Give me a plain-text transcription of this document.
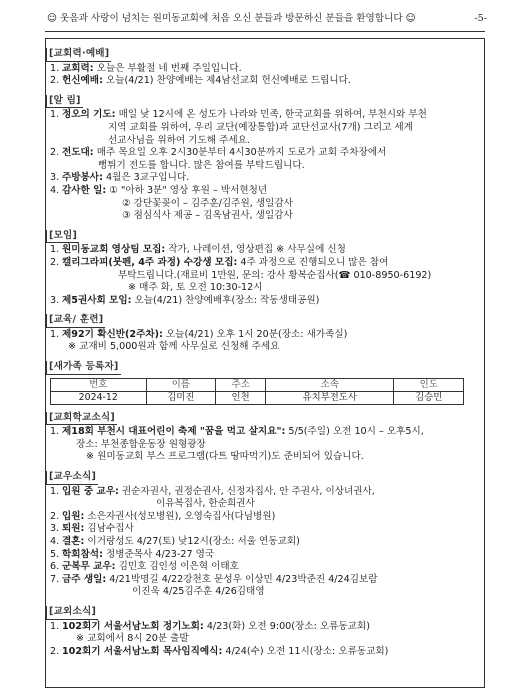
☺ 웃음과 사랑이 넘치는 원미동교회에 처음 오신 분들과 방문하신 분들을 환영합니다 ☺	-5-
[교회력·예배]
1. 교회력: 오늘은 부활절 네 번째 주일입니다.
2. 헌신예배: 오늘(4/21) 찬양예배는 제4남선교회 헌신예배로 드립니다.
[알 림]
1. 정오의 기도: 매일 낮 12시에 온 성도가 나라와 민족, 한국교회를 위하여, 부천시와 부천
지역 교회를 위하여, 우리 교단(예장통합)과 교단선교사(7개) 그리고 세계
선교사님을 위하여 기도해 주세요.
2. 전도대: 매주 목요일 오후 2시30분부터 4시30분까지 도로가 교회 주차장에서
뻥튀기 전도를 합니다. 많은 참여를 부탁드립니다.
3. 주방봉사: 4월은 3교구입니다.
4. 감사한 일: ① "아하 3분" 영상 후원 – 박서현청년
② 강단꽃꽂이 – 김주훈/김주원, 생일감사
③ 점심식사 제공 – 김옥남권사, 생일감사
[모임]
1. 원미동교회 영상팀 모집: 작가, 나레이션, 영상편집 ※ 사무실에 신청
2. 캘리그라피(붓펜, 4주 과정) 수강생 모집: 4주 과정으로 진행되오니 많은 참여
부탁드립니다.(재료비 1만원, 문의: 강사 황복순집사(☎ 010-8950-6192)
※ 매주 화, 토 오전 10:30-12시
3. 제5권사회 모임: 오늘(4/21) 찬양예배후(장소: 작동생태공원)
[교육/ 훈련]
1. 제92기 확신반(2주차): 오늘(4/21) 오후 1시 20분(장소: 새가족실)
※ 교재비 5,000원과 함께 사무실로 신청해 주세요
[새가족 등록자]
번호	이름	주소	소속	인도
2024-12	김미진	인천	유치부전도사	김승민
[교회학교소식]
1. 제18회 부천시 대표어린이 축제 "꿈을 먹고 살지요": 5/5(주일) 오전 10시 – 오후5시,
장소: 부천종합운동장 원형광장
※ 원미동교회 부스 프로그램(다트 땅따먹기)도 준비되어 있습니다.
[교우소식]
1. 입원 중 교우: 권순자권사, 권정순권사, 신정자집사, 안 주권사, 이상녀권사,
이유복집사, 한순희권사
2. 입원: 소은자권사(성모병원), 오영숙집사(다님병원)
3. 퇴원: 김남수집사
4. 결혼: 이거랑성도 4/27(토) 낮12시(장소: 서울 연동교회)
5. 학회참석: 정병준목사 4/23-27 영국
6. 군복무 교우: 김민호 김인성 이은혁 이태호
7. 금주 생일: 4/21박명길 4/22강천호 문성우 이상민 4/23박준진 4/24김보람
이진욱 4/25김주훈 4/26김태영
[교외소식]
1. 102회기 서울서남노회 정기노회: 4/23(화) 오전 9:00(장소: 오류동교회)
※ 교회에서 8시 20분 출발
2. 102회기 서울서남노회 목사임직예식: 4/24(수) 오전 11시(장소: 오류동교회)
